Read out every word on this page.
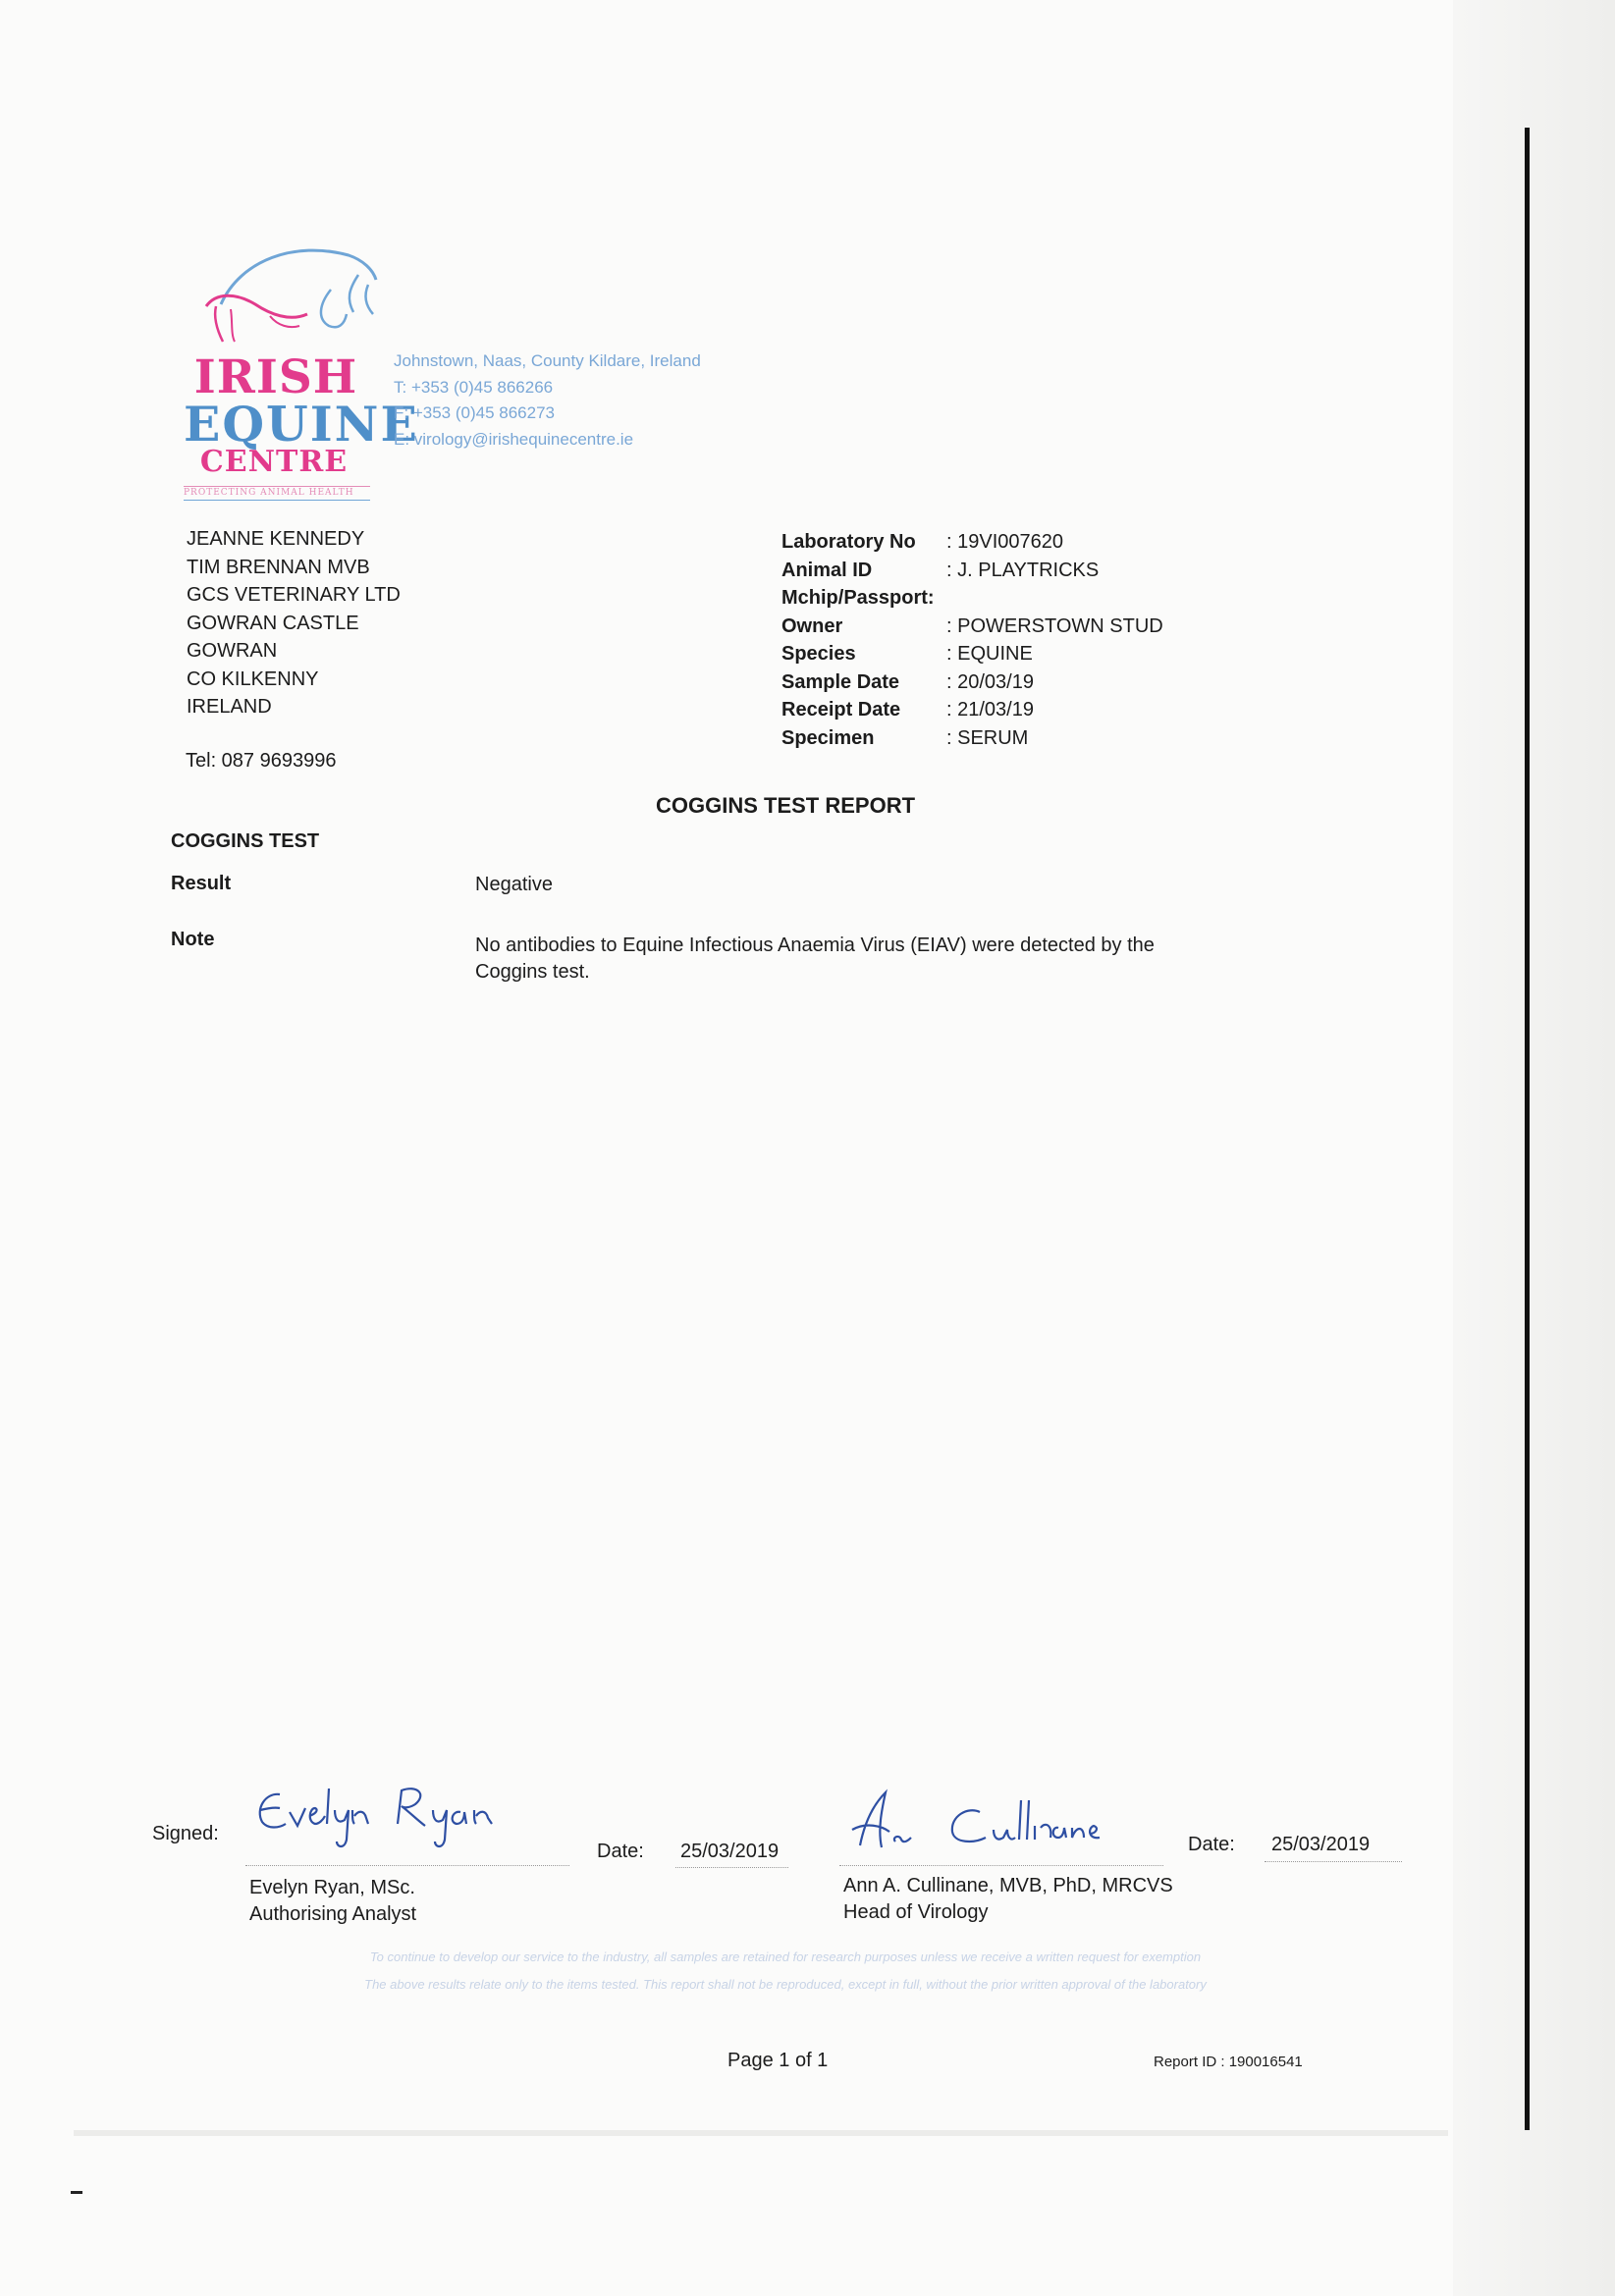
IRISH
EQUINE
CENTRE
PROTECTING ANIMAL HEALTH
Johnstown, Naas, County Kildare, Ireland
T: +353 (0)45 866266
F: +353 (0)45 866273
E: virology@irishequinecentre.ie
JEANNE KENNEDY
TIM BRENNAN MVB
GCS VETERINARY LTD
GOWRAN CASTLE
GOWRAN
CO KILKENNY
IRELAND
Tel: 087 9693996
Laboratory No : 19VI007620
Animal ID	: J. PLAYTRICKS
Mchip/Passport:
Owner	: POWERSTOWN STUD
Species	: EQUINE
Sample Date : 20/03/19
Receipt Date : 21/03/19
Specimen	: SERUM
COGGINS TEST REPORT
COGGINS TEST
Result	Negative
Note	No antibodies to Equine Infectious Anaemia Virus (EIAV) were detected by the Coggins test.
Signed:
Date: 25/03/2019
Evelyn Ryan, MSc.
Authorising Analyst
Date: 25/03/2019
Ann A. Cullinane, MVB, PhD, MRCVS
Head of Virology
To continue to develop our service to the industry, all samples are retained for research purposes unless we receive a written request for exemption
The above results relate only to the items tested. This report shall not be reproduced, except in full, without the prior written approval of the laboratory
Page 1 of 1	Report ID : 190016541
